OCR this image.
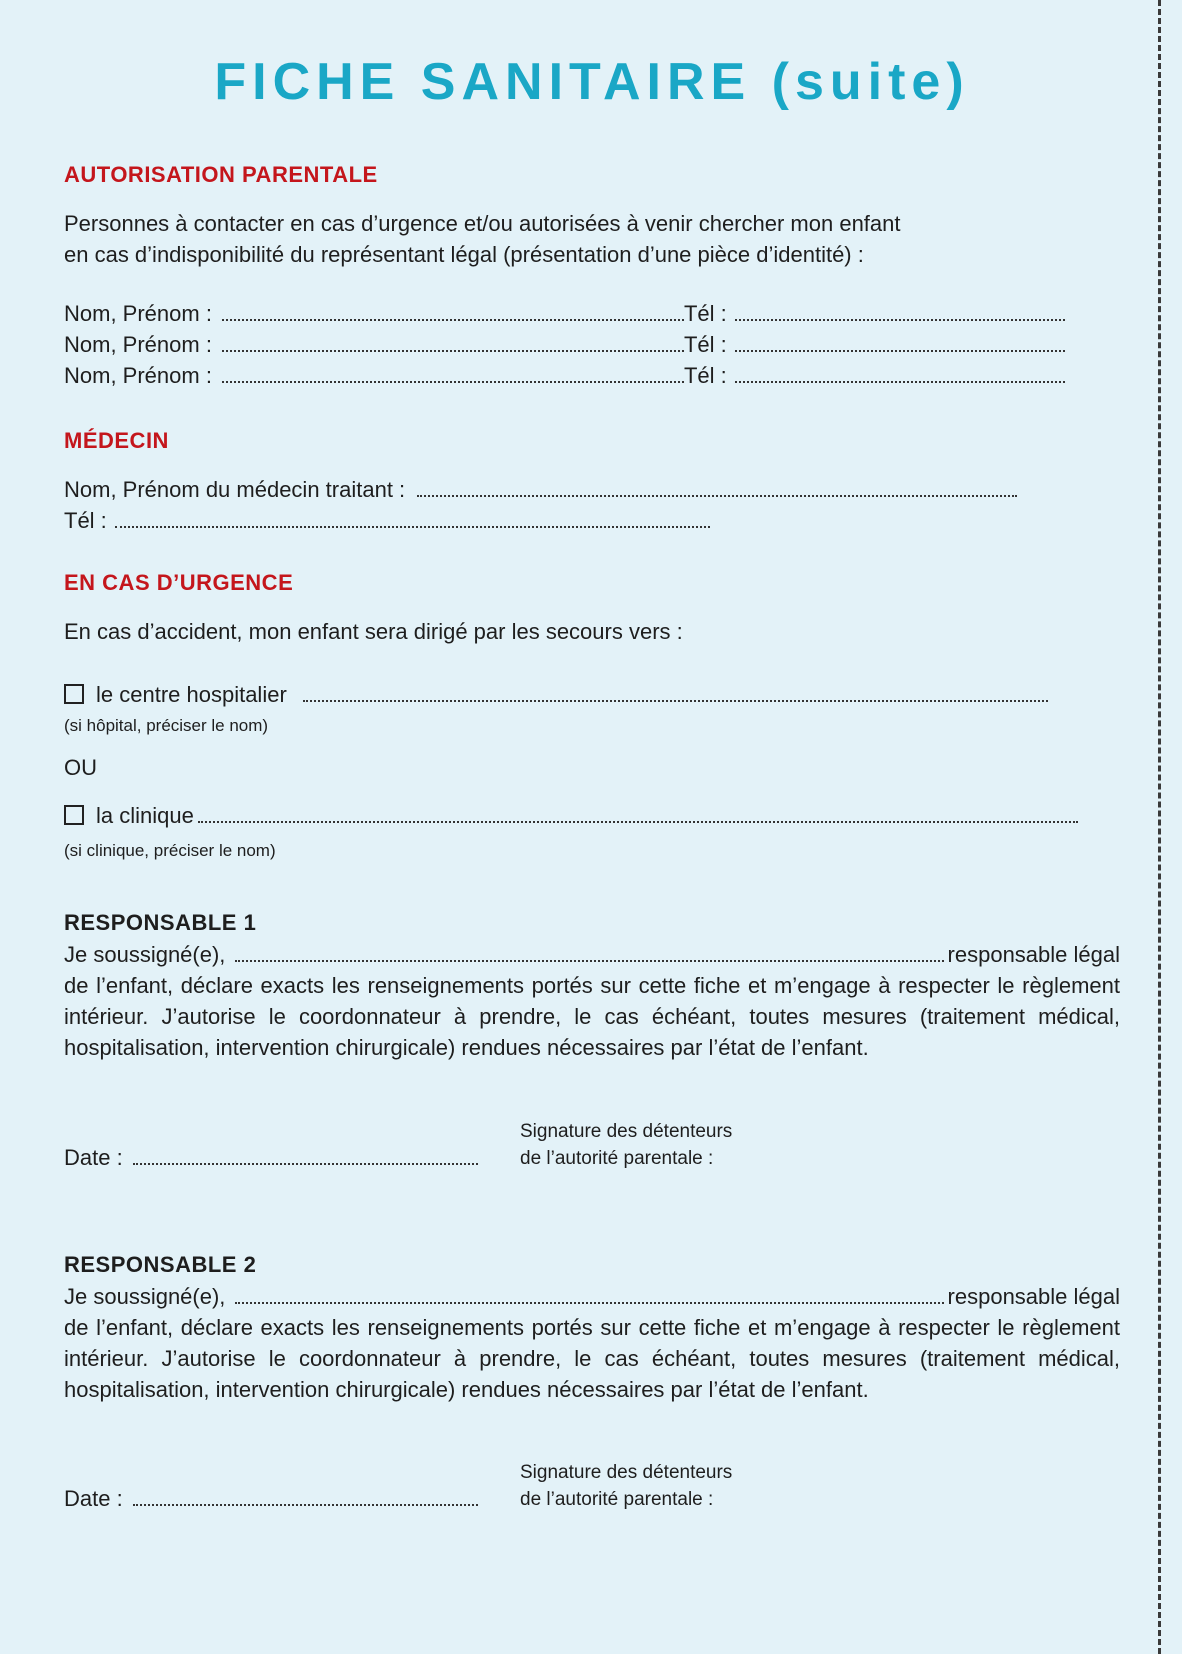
FICHE SANITAIRE (suite)
AUTORISATION PARENTALE
Personnes à contacter en cas d’urgence et/ou autorisées à venir chercher mon enfant
en cas d’indisponibilité du représentant légal (présentation d’une pièce d’identité) :
Nom, Prénom :	Tél :
Nom, Prénom :	Tél :
Nom, Prénom :	Tél :
MÉDECIN
Nom, Prénom du médecin traitant :
Tél :
EN CAS D’URGENCE
En cas d’accident, mon enfant sera dirigé par les secours vers :
le centre hospitalier
(si hôpital, préciser le nom)
OU
la clinique
(si clinique, préciser le nom)
RESPONSABLE 1
Je soussigné(e),	responsable légal
de l’enfant, déclare exacts les renseignements portés sur cette fiche et m’engage à respecter le règlement intérieur. J’autorise le coordonnateur à prendre, le cas échéant, toutes mesures (traitement médical, hospitalisation, intervention chirurgicale) rendues nécessaires par l’état de l’enfant.
Date :
Signature des détenteurs
de l’autorité parentale :
RESPONSABLE 2
Je soussigné(e),	responsable légal
de l’enfant, déclare exacts les renseignements portés sur cette fiche et m’engage à respecter le règlement intérieur. J’autorise le coordonnateur à prendre, le cas échéant, toutes mesures (traitement médical, hospitalisation, intervention chirurgicale) rendues nécessaires par l’état de l’enfant.
Date :
Signature des détenteurs
de l’autorité parentale :
